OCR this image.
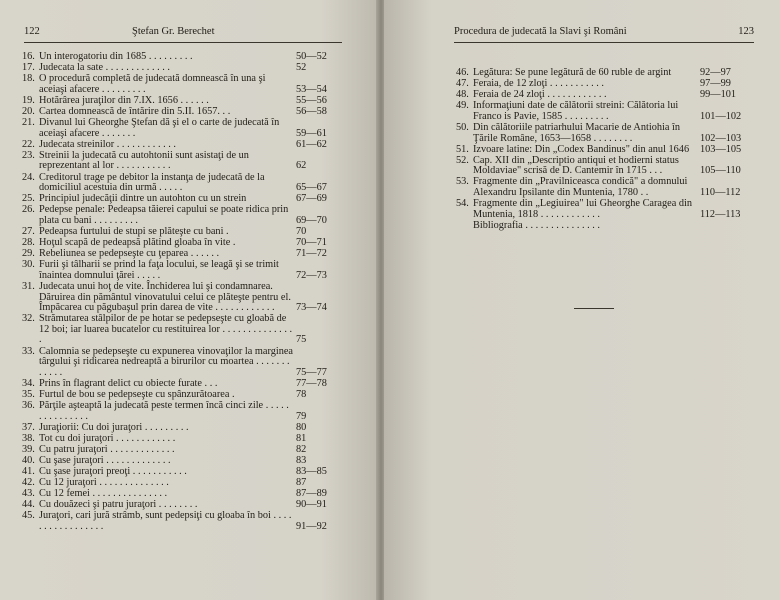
122	Ştefan Gr. Berechet
16. Un interogatoriu din 1685 . . . . . . . . .	50—52
17. Judecata la sate . . . . . . . . . . . . .	52
18. O procedură completă de judecată domnească în una şi aceiaşi afacere . . . . . . . . .	53—54
19. Hotărârea juraţilor din 7.IX. 1656 . . . . . .	55—56
20. Cartea domnească de întărire din 5.II. 1657. . .	56—58
21. Divanul lui Gheorghe Ştefan dă şi el o carte de judecată în aceiaşi afacere . . . . . . .	59—61
22. Judecata streinilor . . . . . . . . . . . .	61—62
23. Streinii la judecată cu autohtonii sunt asistaţi de un reprezentant al lor . . . . . . . . . . .	62
24. Creditorul trage pe debitor la instanţa de judecată de la domiciliul acestuia din urmă . . . . .	65—67
25. Principiul judecăţii dintre un autohton cu un strein	67—69
26. Pedepse penale: Pedeapsa tăierei capului se poate ridica prin plata cu bani . . . . . . . . .	69—70
27. Pedeapsa furtului de stupi se plăteşte cu bani .	70
28. Hoţul scapă de pedeapsă plătind gloaba în vite .	70—71
29. Rebeliunea se pedepseşte cu ţeparea . . . . . .	71—72
30. Furii şi tâlharii se prind la faţa locului, se leagă şi se trimit înaintea domnului ţărei . . . . .	72—73
31. Judecata unui hoţ de vite. Închiderea lui şi condamnarea. Dăruirea din pământul vinovatului celui ce plăteşte pentru el. Împăcarea cu păgubaşul prin darea de vite . . . . . . . . . . . .	73—74
32. Strămutarea stâlpilor de pe hotar se pedepseşte cu gloabă de 12 boi; iar luarea bucatelor cu restituirea lor . . . . . . . . . . . . . . .	75
33. Calomnia se pedepseşte cu expunerea vinovaţilor la marginea târgului şi ridicarea nedreaptă a birurilor cu moartea . . . . . . . . . . . .	75—77
34. Prins în flagrant delict cu obiecte furate . . .	77—78
35. Furtul de bou se pedepseşte cu spânzurătoarea .	78
36. Părţile aşteaptă la judecată peste termen încă cinci zile . . . . . . . . . . . . . . .	79
37. Juraţiorii: Cu doi juraţori . . . . . . . . .	80
38. Tot cu doi juraţori . . . . . . . . . . . .	81
39. Cu patru juraţori . . . . . . . . . . . . .	82
40. Cu şase juraţori . . . . . . . . . . . . .	83
41. Cu şase juraţori preoţi . . . . . . . . . . .	83—85
42. Cu 12 juraţori . . . . . . . . . . . . . .	87
43. Cu 12 femei . . . . . . . . . . . . . . .	87—89
44. Cu douăzeci şi patru juraţori . . . . . . . .	90—91
45. Juraţori, cari jură strâmb, sunt pedepsiţi cu gloaba în boi . . . . . . . . . . . . . . . . .	91—92
Procedura de judecată la Slavi şi Români	123
46. Legătura: Se pune legătură de 60 ruble de argint	92—97
47. Feraia, de 12 zloţi . . . . . . . . . . .	97—99
48. Feraia de 24 zloţi . . . . . . . . . . . .	99—101
49. Informaţiuni date de călătorii streini: Călătoria lui Franco is Pavie, 1585 . . . . . . . . .	101—102
50. Din călătoriile patriarhului Macarie de Antiohia în Ţările Române, 1653—1658 . . . . . . . .	102—103
51. Izvoare latine: Din „Codex Bandinus" din anul 1646	103—105
52. Cap. XII din „Descriptio antiqui et hodierni status Moldaviae" scrisă de D. Cantemir în 1715 . . .	105—110
53. Fragmente din „Pravilniceasca condică" a domnului Alexandru Ipsilante din Muntenia, 1780 . .	110—112
54. Fragmente din „Legiuirea" lui Gheorghe Caragea din Muntenia, 1818 . . . . . . . . . . . .	112—113
Bibliografia . . . . . . . . . . . . . . .
